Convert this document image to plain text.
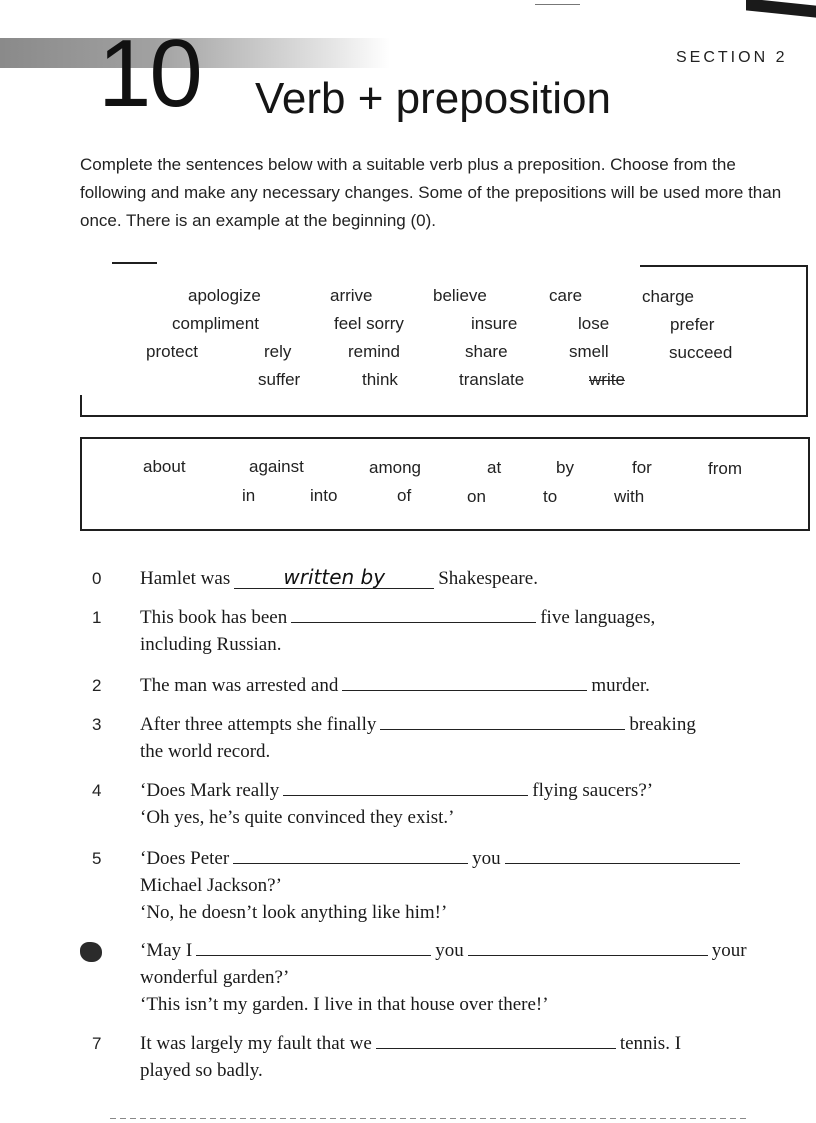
10	SECTION 2
Verb + preposition
Complete the sentences below with a suitable verb plus a preposition. Choose from the following and make any necessary changes. Some of the prepositions will be used more than once. There is an example at the beginning (0).
apologize	arrive	believe	care	charge
compliment	feel sorry	insure	lose	prefer
protect	rely	remind	share	smell	succeed
suffer	think	translate	write
about	against	among	at	by	for	from
in	into	of	on	to	with
0 Hamlet was	written by	Shakespeare.
1 This book has been	five languages,
including Russian.
2 The man was arrested and	murder.
3 After three attempts she finally	breaking
the world record.
4 ‘Does Mark really	flying saucers?’
‘Oh yes, he’s quite convinced they exist.’
5 ‘Does Peter	you
Michael Jackson?’
‘No, he doesn’t look anything like him!’
‘May I	you	your
wonderful garden?’
‘This isn’t my garden. I live in that house over there!’
7 It was largely my fault that we	tennis. I
played so badly.
